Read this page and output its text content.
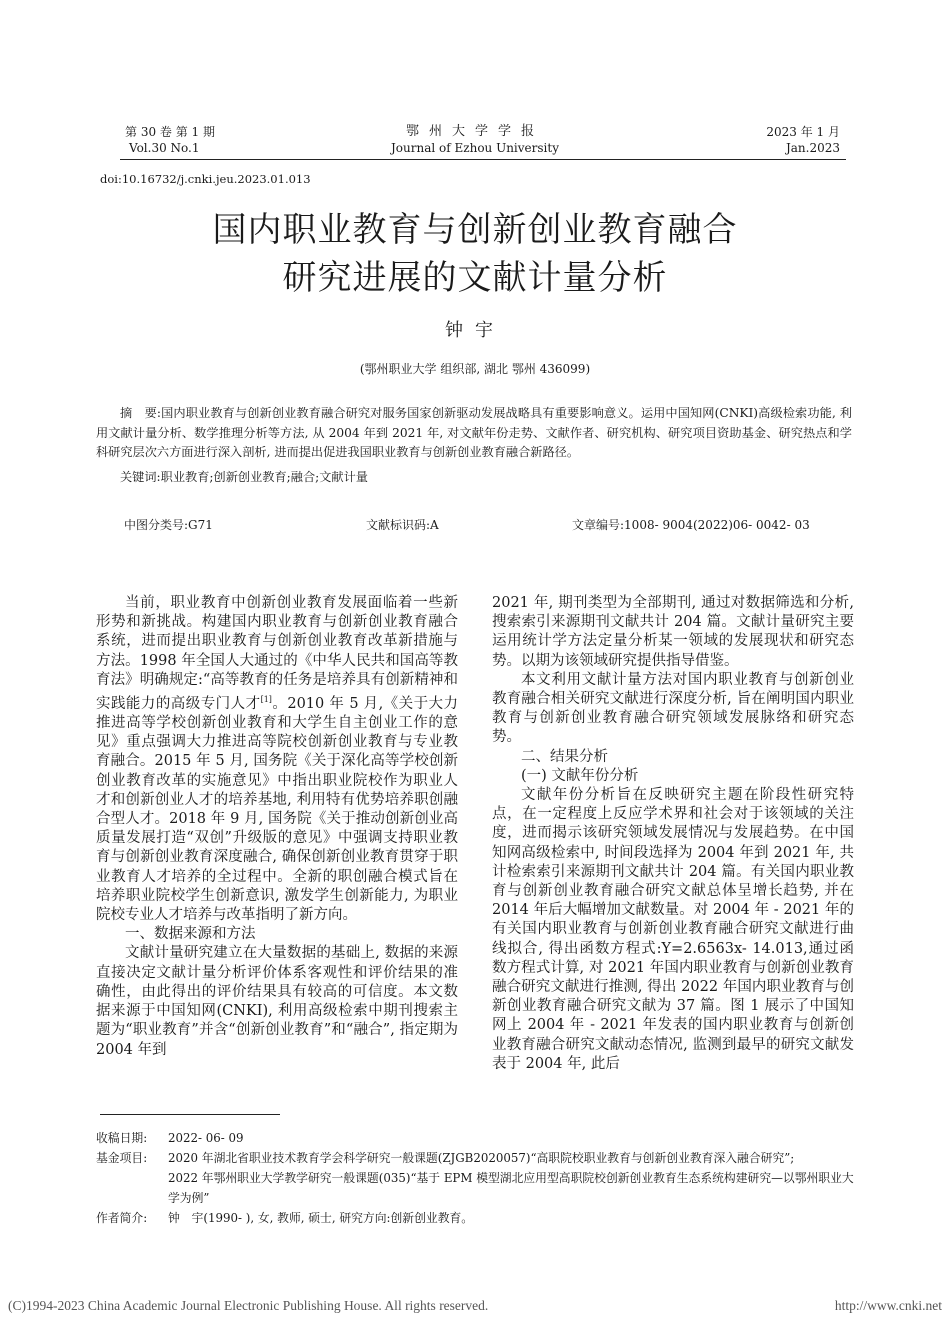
第 30 卷 第 1 期
Vol.30 No.1
鄂州大学学报
Journal of Ezhou University
2023 年 1 月
Jan.2023
doi:10.16732/j.cnki.jeu.2023.01.013
国内职业教育与创新创业教育融合
研究进展的文献计量分析
钟宇
(鄂州职业大学 组织部, 湖北 鄂州 436099)
摘　要:国内职业教育与创新创业教育融合研究对服务国家创新驱动发展战略具有重要影响意义。运用中国知网(CNKI)高级检索功能, 利用文献计量分析、数学推理分析等方法, 从 2004 年到 2021 年, 对文献年份走势、文献作者、研究机构、研究项目资助基金、研究热点和学科研究层次六方面进行深入剖析, 进而提出促进我国职业教育与创新创业教育融合新路径。
关键词:职业教育;创新创业教育;融合;文献计量
中图分类号:G71	文献标识码:A	文章编号:1008- 9004(2022)06- 0042- 03

当前，职业教育中创新创业教育发展面临着一些新形势和新挑战。构建国内职业教育与创新创业教育融合系统，进而提出职业教育与创新创业教育改革新措施与方法。1998 年全国人大通过的《中华人民共和国高等教育法》明确规定:“高等教育的任务是培养具有创新精神和实践能力的高级专门人才[1]。2010 年 5 月,《关于大力推进高等学校创新创业教育和大学生自主创业工作的意见》重点强调大力推进高等院校创新创业教育与专业教育融合。2015 年 5 月, 国务院《关于深化高等学校创新创业教育改革的实施意见》中指出职业院校作为职业人才和创新创业人才的培养基地, 利用特有优势培养职创融合型人才。2018 年 9 月, 国务院《关于推动创新创业高质量发展打造“双创”升级版的意见》中强调支持职业教育与创新创业教育深度融合, 确保创新创业教育贯穿于职业教育人才培养的全过程中。全新的职创融合模式旨在培养职业院校学生创新意识, 激发学生创新能力, 为职业院校专业人才培养与改革指明了新方向。

一、数据来源和方法

文献计量研究建立在大量数据的基础上, 数据的来源直接决定文献计量分析评价体系客观性和评价结果的准确性，由此得出的评价结果具有较高的可信度。本文数据来源于中国知网(CNKI), 利用高级检索中期刊搜索主题为“职业教育”并含“创新创业教育”和“融合”, 指定期为 2004 年到

2021 年, 期刊类型为全部期刊, 通过对数据筛选和分析, 搜索索引来源期刊文献共计 204 篇。文献计量研究主要运用统计学方法定量分析某一领域的发展现状和研究态势。以期为该领域研究提供指导借鉴。

本文利用文献计量方法对国内职业教育与创新创业教育融合相关研究文献进行深度分析, 旨在阐明国内职业教育与创新创业教育融合研究领域发展脉络和研究态势。

二、结果分析

(一) 文献年份分析

文献年份分析旨在反映研究主题在阶段性研究特点，在一定程度上反应学术界和社会对于该领域的关注度，进而揭示该研究领域发展情况与发展趋势。在中国知网高级检索中, 时间段选择为 2004 年到 2021 年, 共计检索索引来源期刊文献共计 204 篇。有关国内职业教育与创新创业教育融合研究文献总体呈增长趋势, 并在 2014 年后大幅增加文献数量。对 2004 年 - 2021 年的有关国内职业教育与创新创业教育融合研究文献进行曲线拟合, 得出函数方程式:Y=2.6563x- 14.013,通过函数方程式计算, 对 2021 年国内职业教育与创新创业教育融合研究文献进行推测, 得出 2022 年国内职业教育与创新创业教育融合研究文献为 37 篇。图 1 展示了中国知网上 2004 年 - 2021 年发表的国内职业教育与创新创业教育融合研究文献动态情况, 监测到最早的研究文献发表于 2004 年, 此后

收稿日期:	2022- 06- 09
基金项目:	2020 年湖北省职业技术教育学会科学研究一般课题(ZJGB2020057)“高职院校职业教育与创新创业教育深入融合研究”;
2022 年鄂州职业大学教学研究一般课题(035)“基于 EPM 模型湖北应用型高职院校创新创业教育生态系统构建研究—以鄂州职业大学为例”
作者简介:	钟　宇(1990- ), 女, 教师, 硕士, 研究方向:创新创业教育。
(C)1994-2023 China Academic Journal Electronic Publishing House. All rights reserved.	http://www.cnki.net
